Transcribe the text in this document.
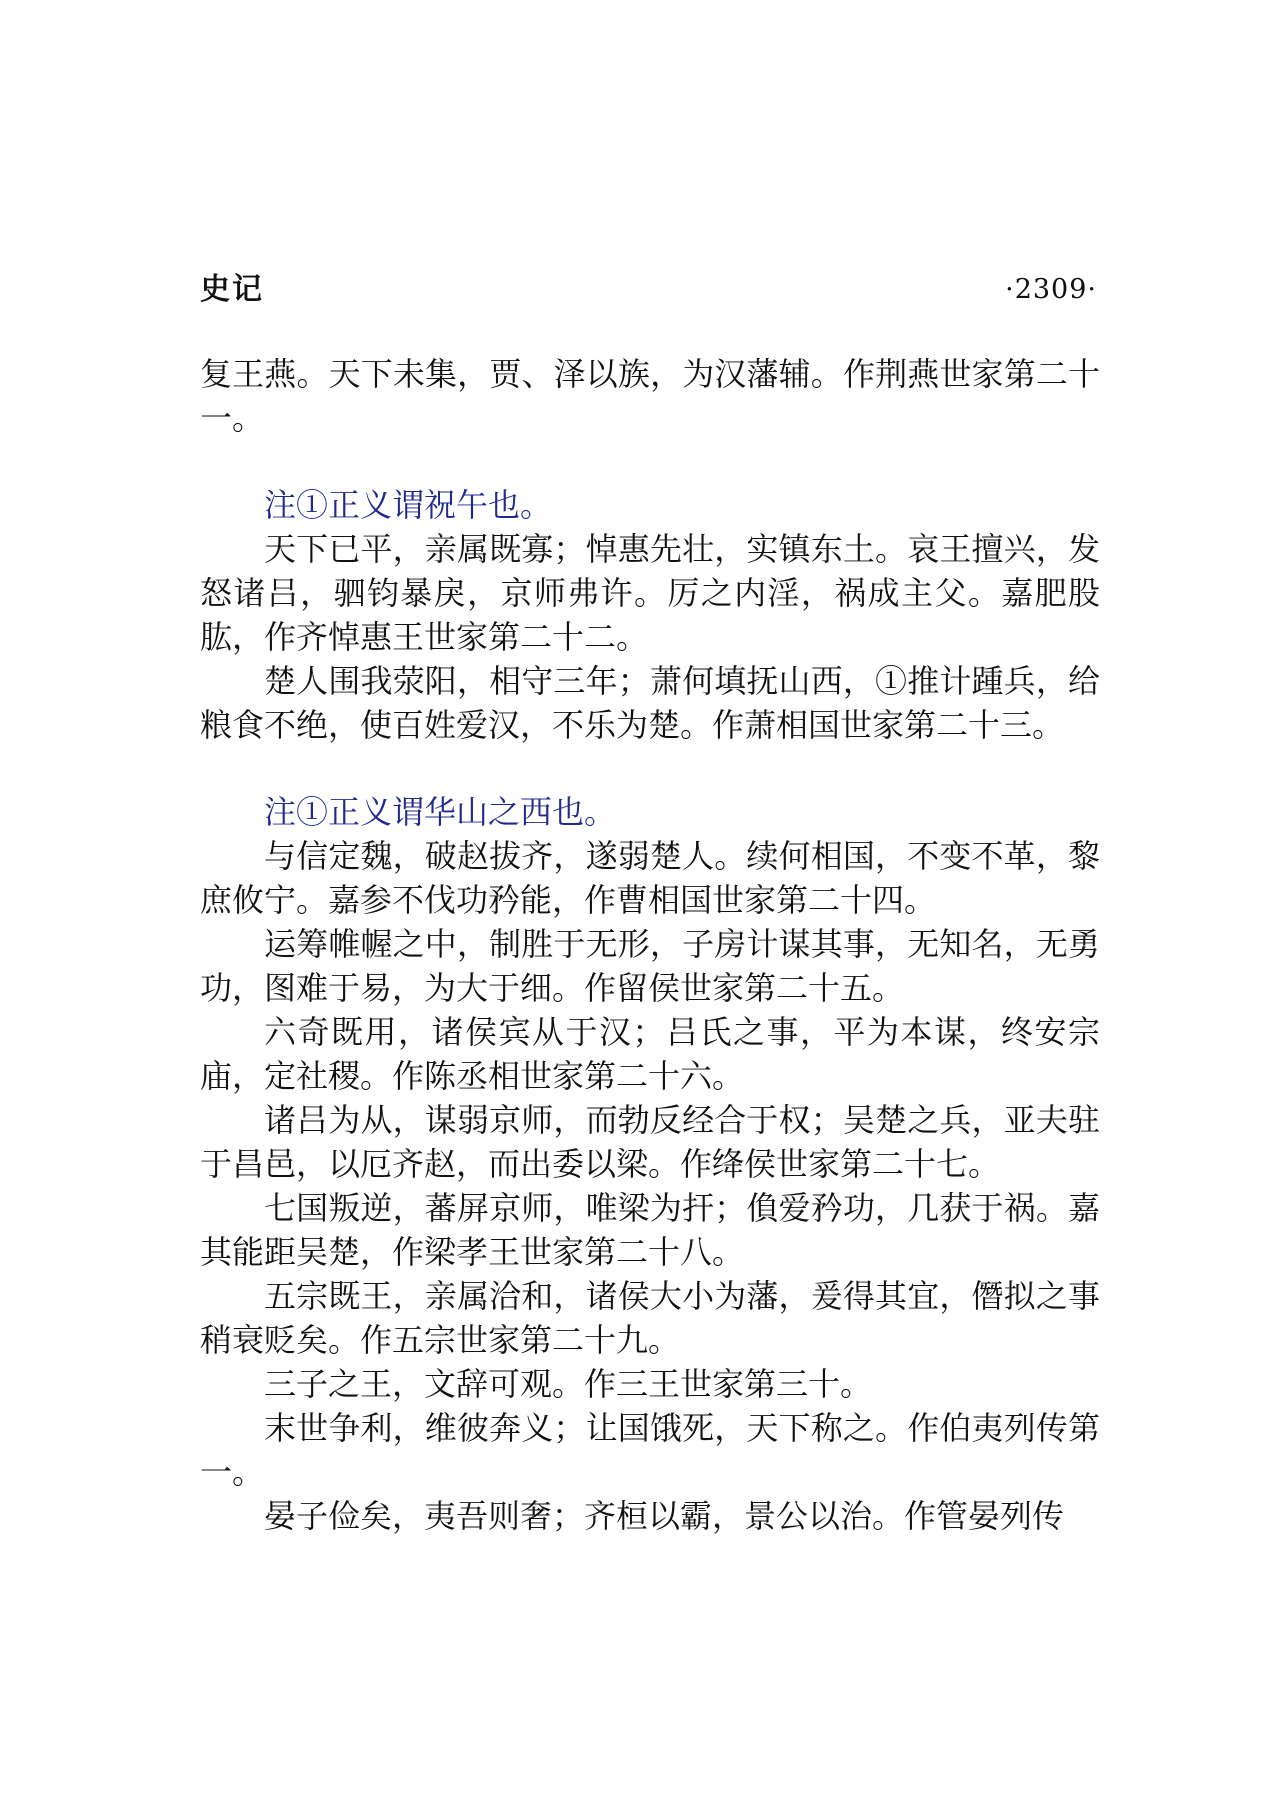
史记	·2309·

复王燕。天下未集，贾、泽以族，为汉藩辅。作荆燕世家第二十一。

注①正义谓祝午也。

天下已平，亲属既寡；悼惠先壮，实镇东土。哀王擅兴，发怒诸吕，驷钧暴戾，京师弗许。厉之内淫，祸成主父。嘉肥股肱，作齐悼惠王世家第二十二。

楚人围我荥阳，相守三年；萧何填抚山西，①推计踵兵，给粮食不绝，使百姓爱汉，不乐为楚。作萧相国世家第二十三。

注①正义谓华山之西也。

与信定魏，破赵拔齐，遂弱楚人。续何相国，不变不革，黎庶攸宁。嘉参不伐功矜能，作曹相国世家第二十四。

运筹帷幄之中，制胜于无形，子房计谋其事，无知名，无勇功，图难于易，为大于细。作留侯世家第二十五。

六奇既用，诸侯宾从于汉；吕氏之事，平为本谋，终安宗庙，定社稷。作陈丞相世家第二十六。

诸吕为从，谋弱京师，而勃反经合于权；吴楚之兵，亚夫驻于昌邑，以厄齐赵，而出委以梁。作绛侯世家第二十七。

七国叛逆，蕃屏京师，唯梁为扞；偩爱矜功，几获于祸。嘉其能距吴楚，作梁孝王世家第二十八。

五宗既王，亲属洽和，诸侯大小为藩，爰得其宜，僭拟之事稍衰贬矣。作五宗世家第二十九。

三子之王，文辞可观。作三王世家第三十。

末世争利，维彼奔义；让国饿死，天下称之。作伯夷列传第一。

晏子俭矣，夷吾则奢；齐桓以霸，景公以治。作管晏列传
